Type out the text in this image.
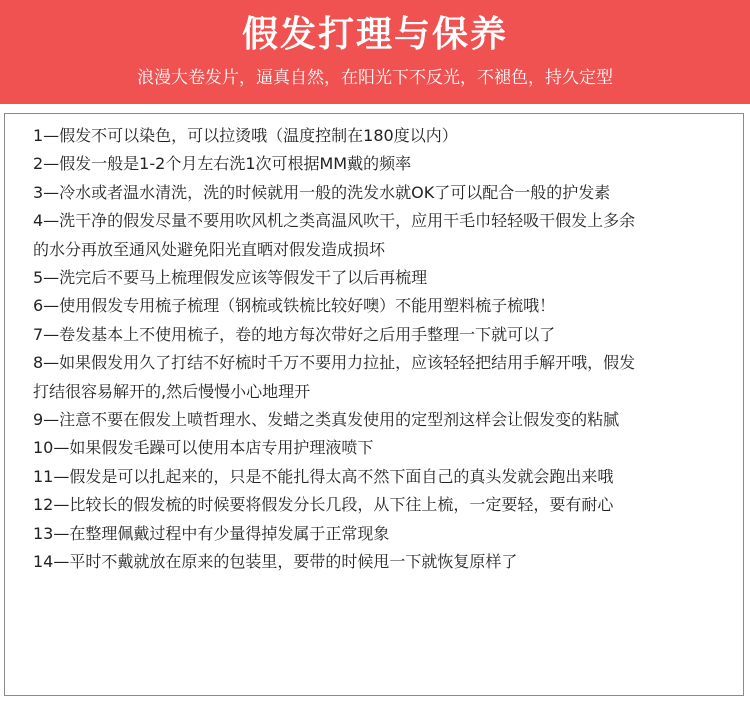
假发打理与保养
浪漫大卷发片，逼真自然，在阳光下不反光，不褪色，持久定型
1—假发不可以染色，可以拉烫哦（温度控制在180度以内）
2—假发一般是1-2个月左右洗1次可根据MM戴的频率
3—冷水或者温水清洗，洗的时候就用一般的洗发水就OK了可以配合一般的护发素
4—洗干净的假发尽量不要用吹风机之类高温风吹干，应用干毛巾轻轻吸干假发上多余
的水分再放至通风处避免阳光直晒对假发造成损坏
5—洗完后不要马上梳理假发应该等假发干了以后再梳理
6—使用假发专用梳子梳理（钢梳或铁梳比较好噢）不能用塑料梳子梳哦！
7—卷发基本上不使用梳子，卷的地方每次带好之后用手整理一下就可以了
8—如果假发用久了打结不好梳时千万不要用力拉扯，应该轻轻把结用手解开哦，假发
打结很容易解开的,然后慢慢小心地理开
9—注意不要在假发上喷哲理水、发蜡之类真发使用的定型剂这样会让假发变的粘腻
10—如果假发毛躁可以使用本店专用护理液喷下
11—假发是可以扎起来的，只是不能扎得太高不然下面自己的真头发就会跑出来哦
12—比较长的假发梳的时候要将假发分长几段，从下往上梳，一定要轻，要有耐心
13—在整理佩戴过程中有少量得掉发属于正常现象
14—平时不戴就放在原来的包装里，要带的时候甩一下就恢复原样了
